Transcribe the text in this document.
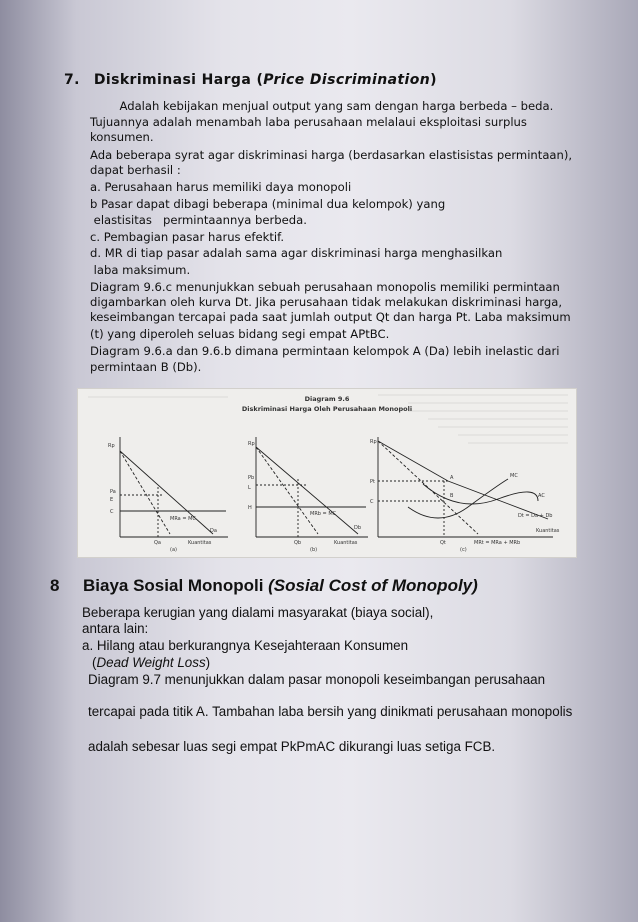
7. Diskriminasi Harga (Price Discrimination)
Adalah kebijakan menjual output yang sam dengan harga berbeda – beda.
Tujuannya adalah menambah laba perusahaan melalaui eksploitasi surplus
konsumen.
Ada beberapa syrat agar diskriminasi harga (berdasarkan elastisistas permintaan),
dapat berhasil :
a. Perusahaan harus memiliki daya monopoli
b Pasar dapat dibagi beberapa (minimal dua kelompok) yang
elastisitas   permintaannya berbeda.
c. Pembagian pasar harus efektif.
d. MR di tiap pasar adalah sama agar diskriminasi harga menghasilkan
laba maksimum.
Diagram 9.6.c menunjukkan sebuah perusahaan monopolis memiliki permintaan
digambarkan oleh kurva Dt. Jika perusahaan tidak melakukan diskriminasi harga,
keseimbangan tercapai pada saat jumlah output Qt dan harga Pt. Laba maksimum
(t) yang diperoleh seluas bidang segi empat APtBC.
Diagram 9.6.a dan 9.6.b dimana permintaan kelompok A (Da) lebih inelastic dari
permintaan B (Db).
Diagram 9.6
Diskriminasi Harga Oleh Perusahaan Monopoli
Rp
Pa
E
C
Qa
MRa = MC
Da
Kuantitas
(a)
Rp
Pb
L
H
Qb
MRb = MC
Db
Kuantitas
(b)
Rp
Pt
A
B
C
MC
AC
Dt = Da + Db
MRt = MRa + MRb
Qt
Kuantitas
(c)
8 Biaya Sosial Monopoli (Sosial Cost of Monopoly)
Beberapa kerugian yang dialami masyarakat (biaya social),
antara lain:
a. Hilang atau berkurangnya Kesejahteraan Konsumen
(Dead Weight Loss)
Diagram 9.7 menunjukkan dalam pasar monopoli keseimbangan perusahaan
tercapai pada titik A. Tambahan laba bersih yang dinikmati perusahaan monopolis
adalah sebesar luas segi empat PkPmAC dikurangi luas setiga FCB.
